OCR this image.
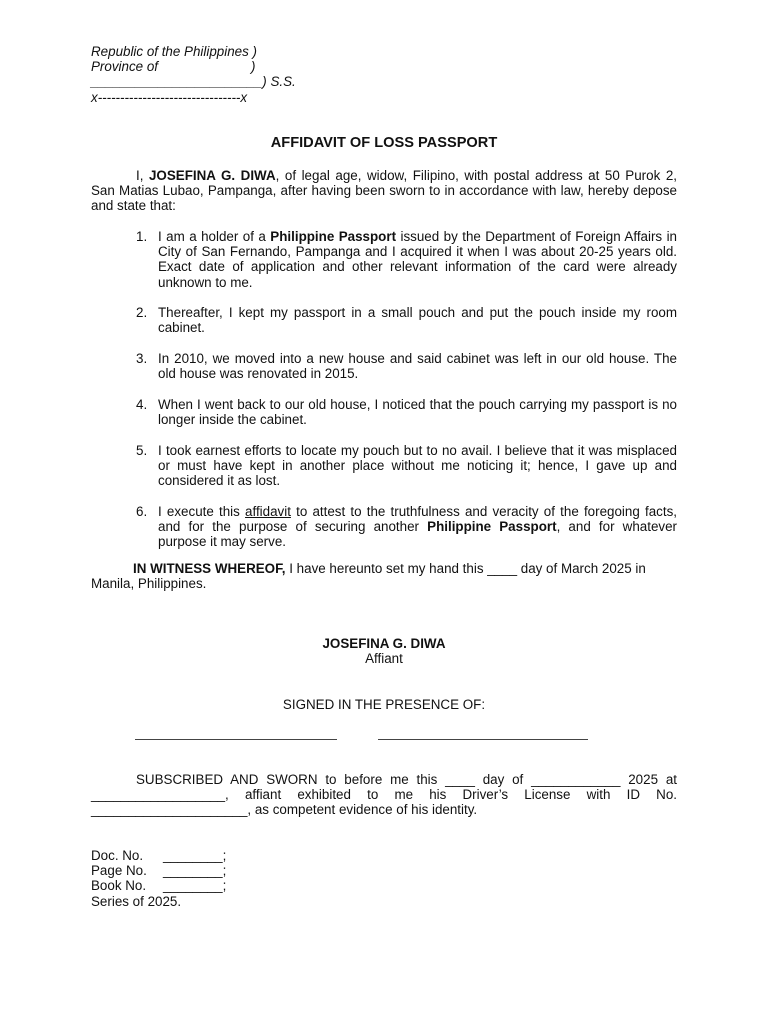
Republic of the Philippines )
Province of                         )
_______________________) S.S.
x--------------------------------x
AFFIDAVIT OF LOSS PASSPORT
I, JOSEFINA G. DIWA, of legal age, widow, Filipino, with postal address at 50 Purok 2, San Matias Lubao, Pampanga, after having been sworn to in accordance with law, hereby depose and state that:
1. I am a holder of a Philippine Passport issued by the Department of Foreign Affairs in City of San Fernando, Pampanga and I acquired it when I was about 20-25 years old. Exact date of application and other relevant information of the card were already unknown to me.
2. Thereafter, I kept my passport in a small pouch and put the pouch inside my room cabinet.
3. In 2010, we moved into a new house and said cabinet was left in our old house. The old house was renovated in 2015.
4. When I went back to our old house, I noticed that the pouch carrying my passport is no longer inside the cabinet.
5. I took earnest efforts to locate my pouch but to no avail. I believe that it was misplaced or must have kept in another place without me noticing it; hence, I gave up and considered it as lost.
6. I execute this affidavit to attest to the truthfulness and veracity of the foregoing facts, and for the purpose of securing another Philippine Passport, and for whatever purpose it may serve.
IN WITNESS WHEREOF, I have hereunto set my hand this ____ day of March 2025 in Manila, Philippines.
JOSEFINA G. DIWA
Affiant
SIGNED IN THE PRESENCE OF:
SUBSCRIBED AND SWORN to before me this ____ day of ____________ 2025 at __________________, affiant exhibited to me his Driver’s License with ID No. _____________________, as competent evidence of his identity.
Doc. No. ________;
Page No. ________;
Book No. ________;
Series of 2025.
